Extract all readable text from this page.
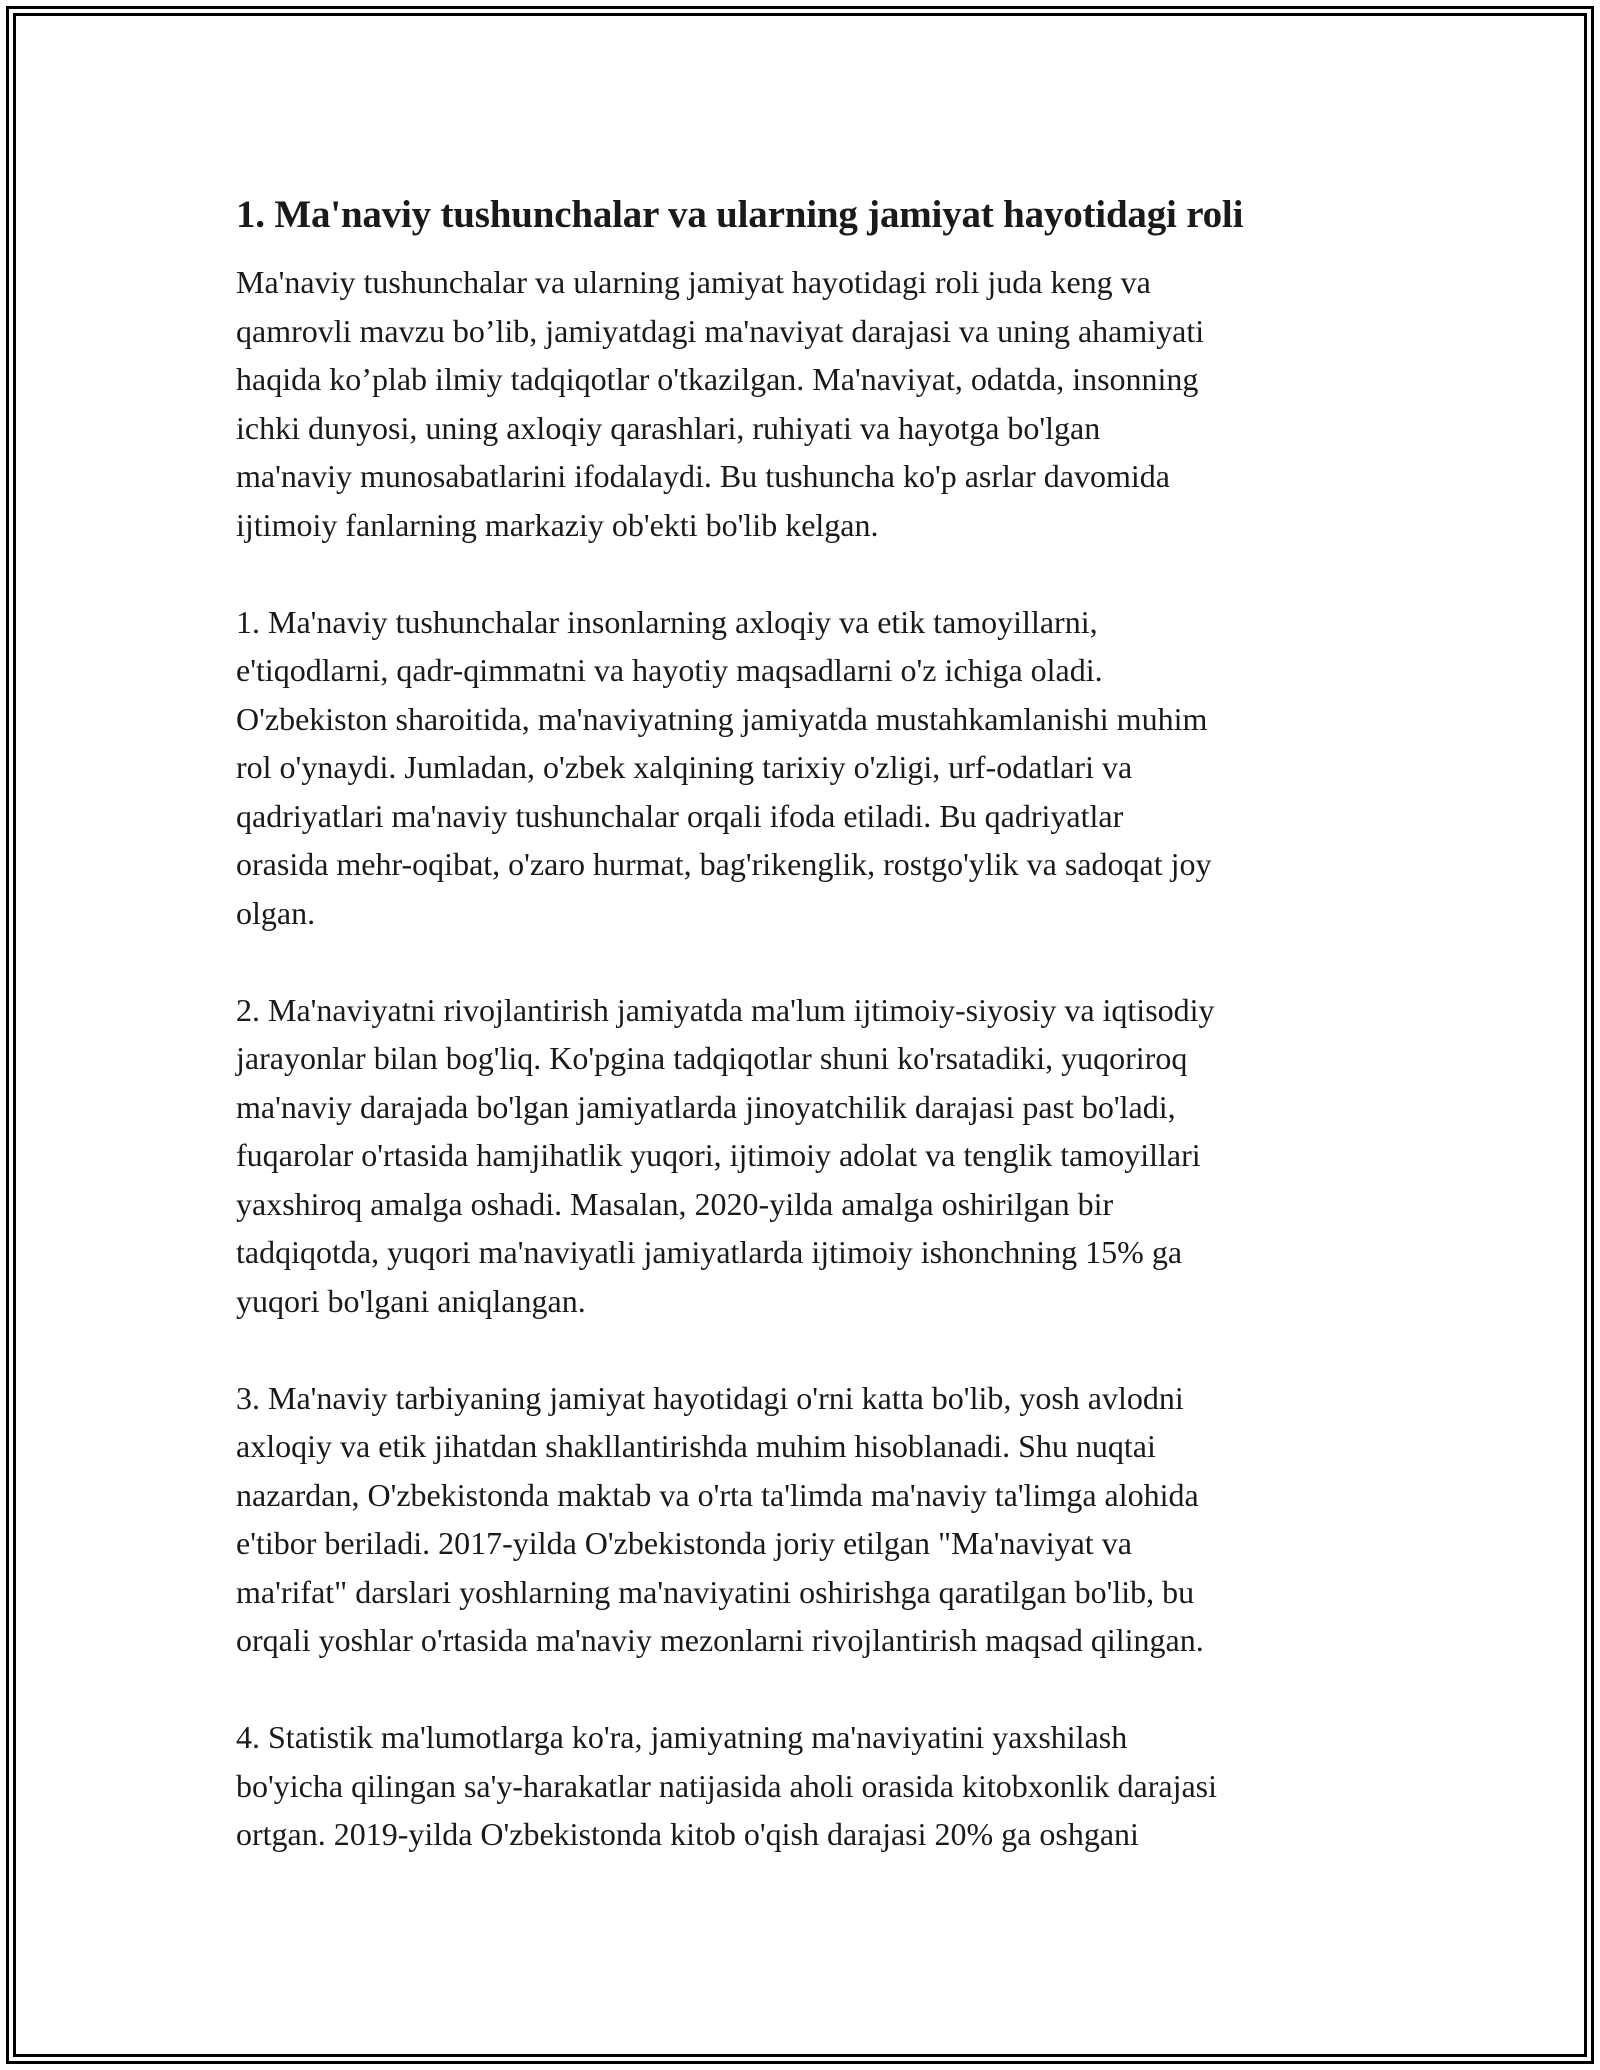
1. Ma'naviy tushunchalar va ularning jamiyat hayotidagi roli

Ma'naviy tushunchalar va ularning jamiyat hayotidagi roli juda keng va
qamrovli mavzu bo’lib, jamiyatdagi ma'naviyat darajasi va uning ahamiyati
haqida ko’plab ilmiy tadqiqotlar o'tkazilgan. Ma'naviyat, odatda, insonning
ichki dunyosi, uning axloqiy qarashlari, ruhiyati va hayotga bo'lgan
ma'naviy munosabatlarini ifodalaydi. Bu tushuncha ko'p asrlar davomida
ijtimoiy fanlarning markaziy ob'ekti bo'lib kelgan.

1. Ma'naviy tushunchalar insonlarning axloqiy va etik tamoyillarni,
e'tiqodlarni, qadr-qimmatni va hayotiy maqsadlarni o'z ichiga oladi.
O'zbekiston sharoitida, ma'naviyatning jamiyatda mustahkamlanishi muhim
rol o'ynaydi. Jumladan, o'zbek xalqining tarixiy o'zligi, urf-odatlari va
qadriyatlari ma'naviy tushunchalar orqali ifoda etiladi. Bu qadriyatlar
orasida mehr-oqibat, o'zaro hurmat, bag'rikenglik, rostgo'ylik va sadoqat joy
olgan.

2. Ma'naviyatni rivojlantirish jamiyatda ma'lum ijtimoiy-siyosiy va iqtisodiy
jarayonlar bilan bog'liq. Ko'pgina tadqiqotlar shuni ko'rsatadiki, yuqoriroq
ma'naviy darajada bo'lgan jamiyatlarda jinoyatchilik darajasi past bo'ladi,
fuqarolar o'rtasida hamjihatlik yuqori, ijtimoiy adolat va tenglik tamoyillari
yaxshiroq amalga oshadi. Masalan, 2020-yilda amalga oshirilgan bir
tadqiqotda, yuqori ma'naviyatli jamiyatlarda ijtimoiy ishonchning 15% ga
yuqori bo'lgani aniqlangan.

3. Ma'naviy tarbiyaning jamiyat hayotidagi o'rni katta bo'lib, yosh avlodni
axloqiy va etik jihatdan shakllantirishda muhim hisoblanadi. Shu nuqtai
nazardan, O'zbekistonda maktab va o'rta ta'limda ma'naviy ta'limga alohida
e'tibor beriladi. 2017-yilda O'zbekistonda joriy etilgan "Ma'naviyat va
ma'rifat" darslari yoshlarning ma'naviyatini oshirishga qaratilgan bo'lib, bu
orqali yoshlar o'rtasida ma'naviy mezonlarni rivojlantirish maqsad qilingan.

4. Statistik ma'lumotlarga ko'ra, jamiyatning ma'naviyatini yaxshilash
bo'yicha qilingan sa'y-harakatlar natijasida aholi orasida kitobxonlik darajasi
ortgan. 2019-yilda O'zbekistonda kitob o'qish darajasi 20% ga oshgani
